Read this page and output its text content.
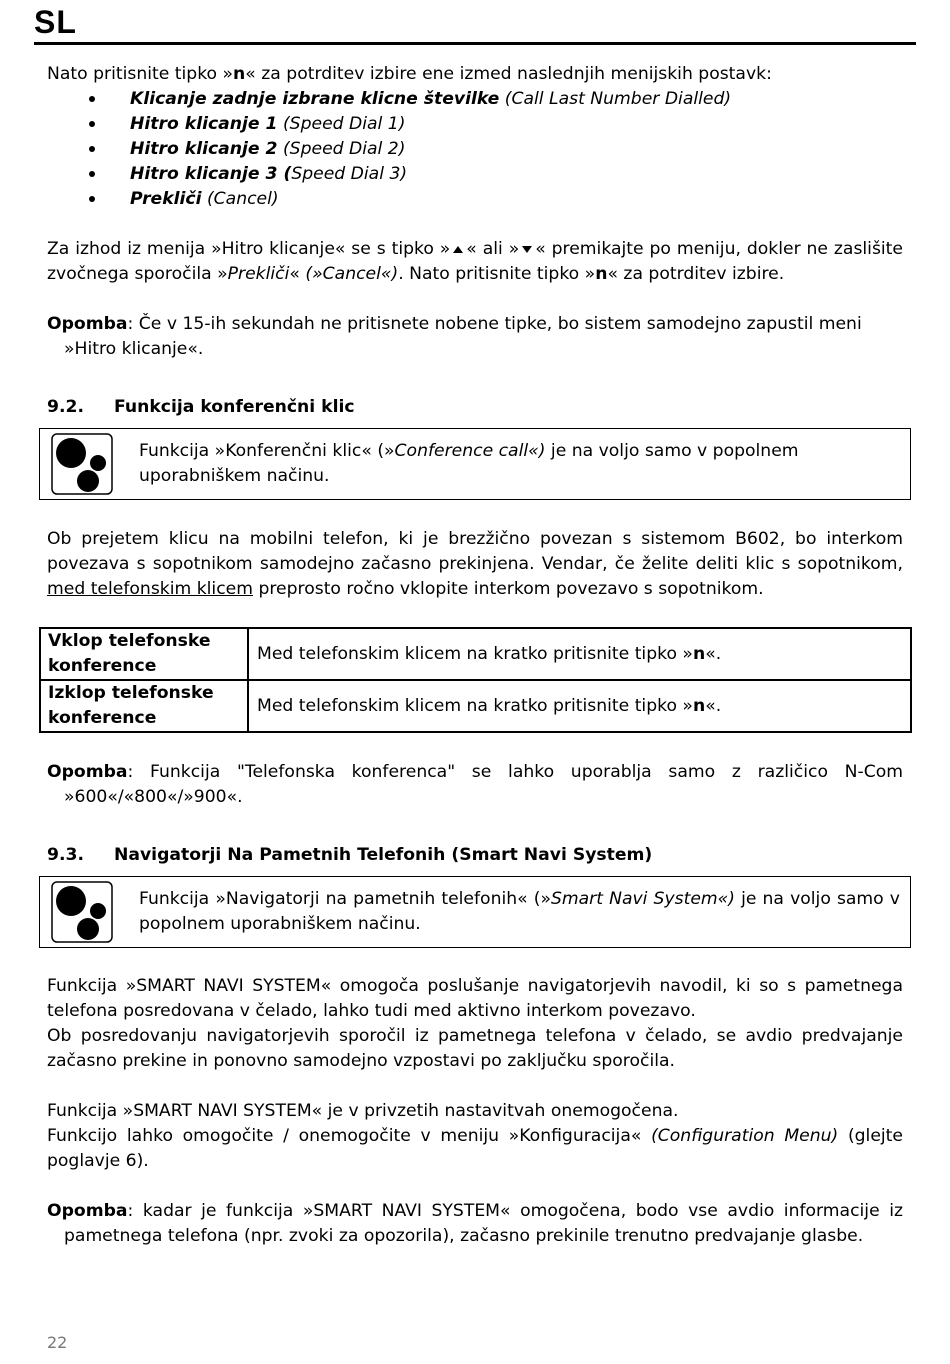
SL

Nato pritisnite tipko »n« za potrditev izbire ene izmed naslednjih menijskih postavk:

Klicanje zadnje izbrane klicne številke (Call Last Number Dialled)
Hitro klicanje 1 (Speed Dial 1)
Hitro klicanje 2 (Speed Dial 2)
Hitro klicanje 3 (Speed Dial 3)
Prekliči (Cancel)

Za izhod iz menija »Hitro klicanje« se s tipko » « ali » « premikajte po meniju, dokler ne zaslišite zvočnega sporočila »Prekliči« (»Cancel«). Nato pritisnite tipko »n« za potrditev izbire.

Opomba: Če v 15-ih sekundah ne pritisnete nobene tipke, bo sistem samodejno zapustil meni »Hitro klicanje«.

9.2.	Funkcija konferenčni klic

Funkcija »Konferenčni klic« (»Conference call«) je na voljo samo v popolnem uporabniškem načinu.

Ob prejetem klicu na mobilni telefon, ki je brezžično povezan s sistemom B602, bo interkom povezava s sopotnikom samodejno začasno prekinjena. Vendar, če želite deliti klic s sopotnikom, med telefonskim klicem preprosto ročno vklopite interkom povezavo s sopotnikom.

Vklop telefonske konference	Med telefonskim klicem na kratko pritisnite tipko »n«.
Izklop telefonske konference	Med telefonskim klicem na kratko pritisnite tipko »n«.

Opomba: Funkcija "Telefonska konferenca" se lahko uporablja samo z različico N-Com »600«/«800«/»900«.

9.3.	Navigatorji Na Pametnih Telefonih (Smart Navi System)

Funkcija »Navigatorji na pametnih telefonih« (»Smart Navi System«) je na voljo samo v popolnem uporabniškem načinu.

Funkcija »SMART NAVI SYSTEM« omogoča poslušanje navigatorjevih navodil, ki so s pametnega telefona posredovana v čelado, lahko tudi med aktivno interkom povezavo.

Ob posredovanju navigatorjevih sporočil iz pametnega telefona v čelado, se avdio predvajanje začasno prekine in ponovno samodejno vzpostavi po zaključku sporočila.

Funkcija »SMART NAVI SYSTEM« je v privzetih nastavitvah onemogočena.

Funkcijo lahko omogočite / onemogočite v meniju »Konfiguracija« (Configuration Menu) (glejte poglavje 6).

Opomba: kadar je funkcija »SMART NAVI SYSTEM« omogočena, bodo vse avdio informacije iz pametnega telefona (npr. zvoki za opozorila), začasno prekinile trenutno predvajanje glasbe.

22
